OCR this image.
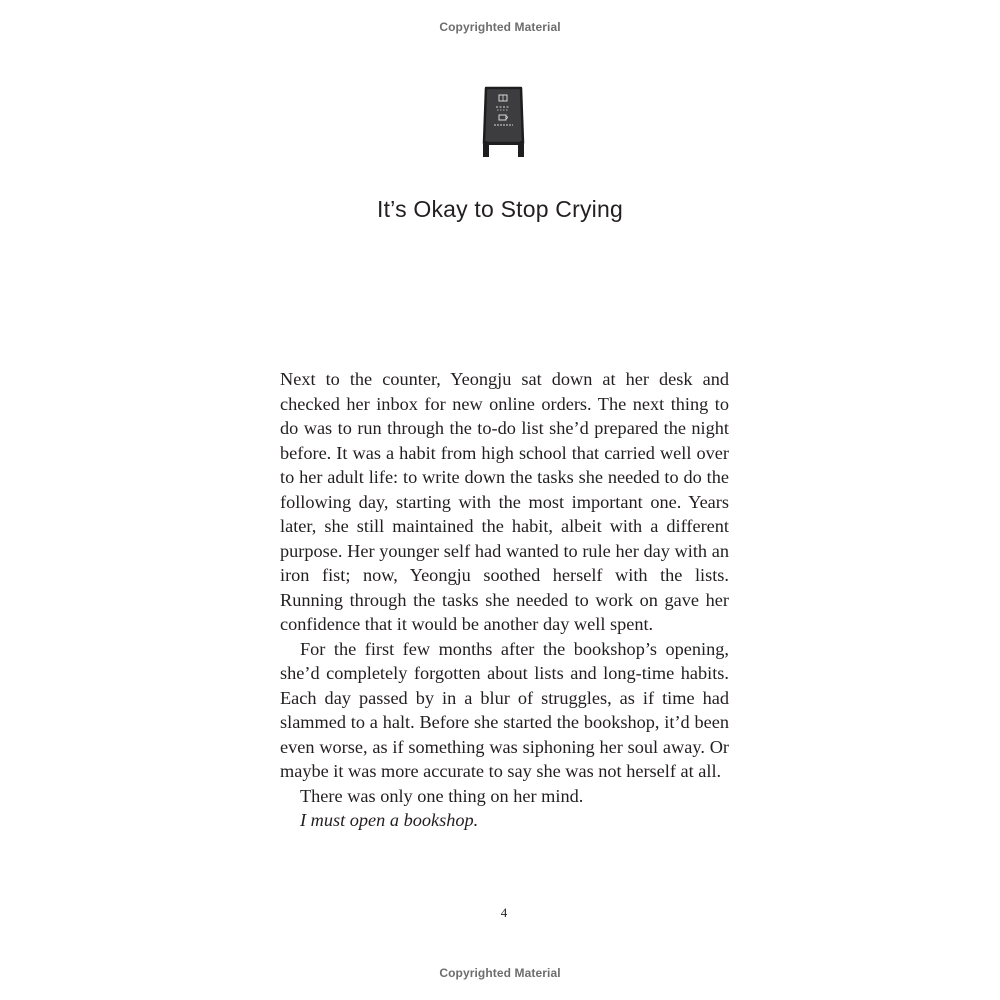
Copyrighted Material
It’s Okay to Stop Crying

Next to the counter, Yeongju sat down at her desk and checked her inbox for new online orders. The next thing to do was to run through the to-do list she’d prepared the night before. It was a habit from high school that carried well over to her adult life: to write down the tasks she needed to do the following day, starting with the most important one. Years later, she still maintained the habit, albeit with a different purpose. Her younger self had wanted to rule her day with an iron fist; now, Yeongju soothed herself with the lists. Running through the tasks she needed to work on gave her confidence that it would be another day well spent.

For the first few months after the bookshop’s opening, she’d completely forgotten about lists and long-time habits. Each day passed by in a blur of struggles, as if time had slammed to a halt. Before she started the bookshop, it’d been even worse, as if something was siphoning her soul away. Or maybe it was more accurate to say she was not herself at all.

There was only one thing on her mind.

I must open a bookshop.

4
Copyrighted Material
